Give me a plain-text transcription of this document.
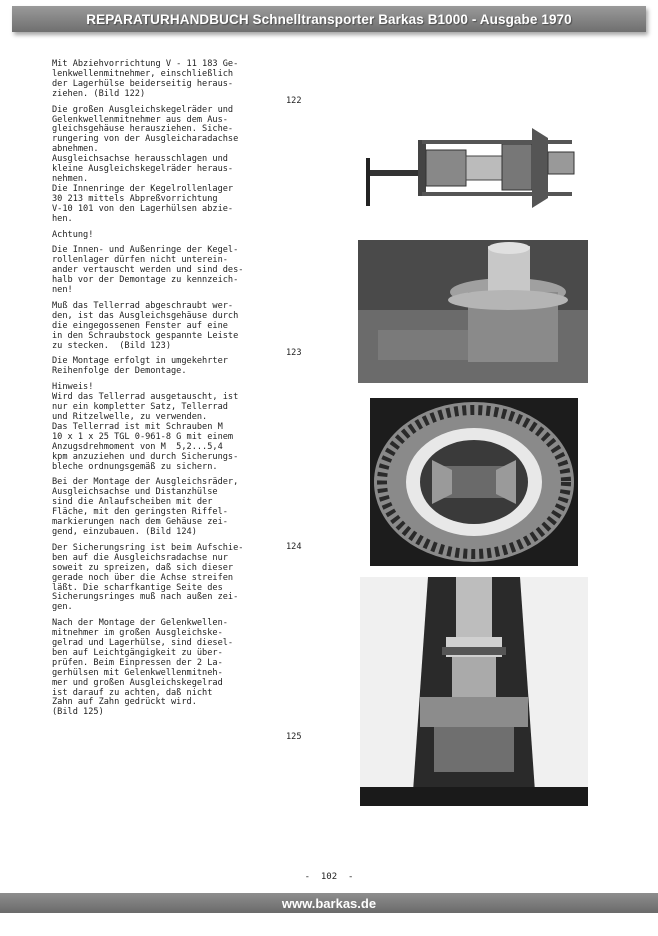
REPARATURHANDBUCH Schnelltransporter Barkas B1000 - Ausgabe 1970

Mit Abziehvorrichtung V - 11 183 Ge-
lenkwellenmitnehmer, einschließlich
der Lagerhülse beiderseitig heraus-
ziehen. (Bild 122)

Die großen Ausgleichskegelräder und
Gelenkwellenmitnehmer aus dem Aus-
gleichsgehäuse herausziehen. Siche-
rungering von der Ausgleicharadachse
abnehmen.
Ausgleichsachse herausschlagen und
kleine Ausgleichskegelräder heraus-
nehmen.
Die Innenringe der Kegelrollenlager
30 213 mittels Abpreßvorrichtung
V-10 101 von den Lagerhülsen abzie-
hen.

Achtung!

Die Innen- und Außenringe der Kegel-
rollenlager dürfen nicht unterein-
ander vertauscht werden und sind des-
halb vor der Demontage zu kennzeich-
nen!

Muß das Tellerrad abgeschraubt wer-
den, ist das Ausgleichsgehäuse durch
die eingegossenen Fenster auf eine
in den Schraubstock gespannte Leiste
zu stecken.  (Bild 123)

Die Montage erfolgt in umgekehrter
Reihenfolge der Demontage.

Hinweis!
Wird das Tellerrad ausgetauscht, ist
nur ein kompletter Satz, Tellerrad
und Ritzelwelle, zu verwenden.
Das Tellerrad ist mit Schrauben M
10 x 1 x 25 TGL 0-961-8 G mit einem
Anzugsdrehmoment von M  5,2...5,4
kpm anzuziehen und durch Sicherungs-
bleche ordnungsgemäß zu sichern.

Bei der Montage der Ausgleichsräder,
Ausgleichsachse und Distanzhülse
sind die Anlaufscheiben mit der
Fläche, mit den geringsten Riffel-
markierungen nach dem Gehäuse zei-
gend, einzubauen. (Bild 124)

Der Sicherungsring ist beim Aufschie-
ben auf die Ausgleichsradachse nur
soweit zu spreizen, daß sich dieser
gerade noch über die Achse streifen
läßt. Die scharfkantige Seite des
Sicherungsringes muß nach außen zei-
gen.

Nach der Montage der Gelenkwellen-
mitnehmer im großen Ausgleichske-
gelrad und Lagerhülse, sind diesel-
ben auf Leichtgängigkeit zu über-
prüfen. Beim Einpressen der 2 La-
gerhülsen mit Gelenkwellenmitneh-
mer und großen Ausgleichskegelrad
ist darauf zu achten, daß nicht
Zahn auf Zahn gedrückt wird.
(Bild 125)

122
123
124
125
-  102  -
www.barkas.de
